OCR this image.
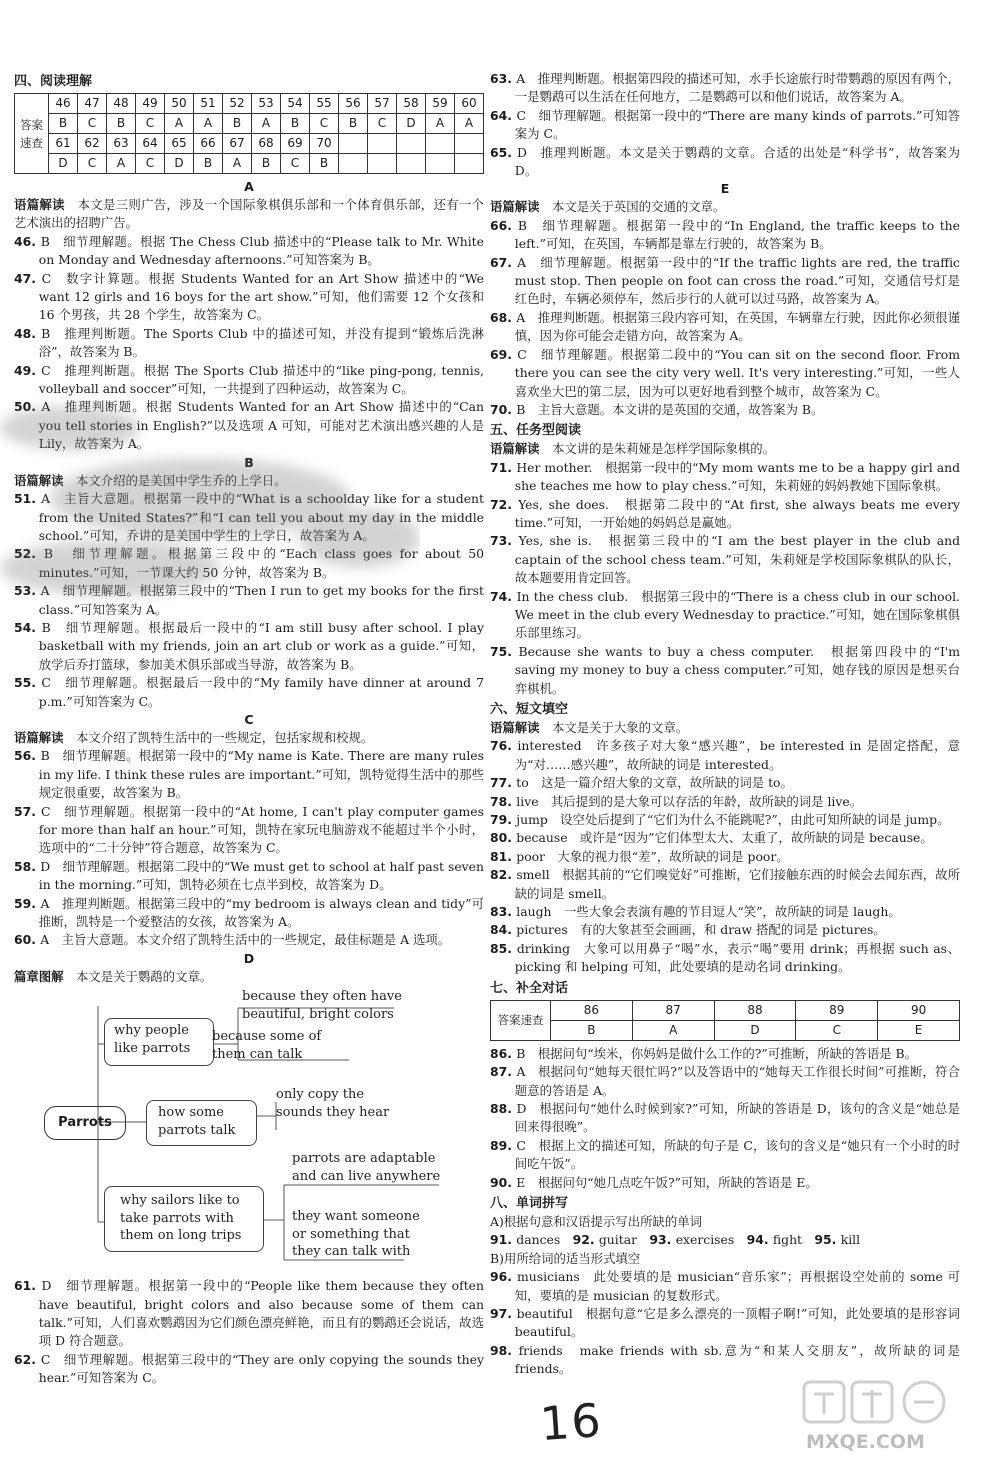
四、阅读理解
答案速查	46	47	48	49	50	51	52	53	54	55	56	57	58	59	60
	B	C	B	C	A	A	B	A	B	C	B	C	D	A	A
	61	62	63	64	65	66	67	68	69	70					
	D	C	A	C	D	B	A	B	C	B					
A
语篇解读　 本文是三则广告，涉及一个国际象棋俱乐部和一个体育俱乐部，还有一个艺术演出的招聘广告。
46. B　细节理解题。根据 The Chess Club 描述中的“Please talk to Mr. White on Monday and Wednesday afternoons.”可知答案为 B。
47. C　数字计算题。根据 Students Wanted for an Art Show 描述中的“We want 12 girls and 16 boys for the art show.”可知，他们需要 12 个女孩和 16 个男孩，共 28 个学生，故答案为 C。
48. B　推理判断题。The Sports Club 中的描述可知，并没有提到“锻炼后洗淋浴”，故答案为 B。
49. C　推理判断题。根据 The Sports Club 描述中的“like ping-pong, tennis, volleyball and soccer”可知，一共提到了四种运动，故答案为 C。
50. A　推理判断题。根据 Students Wanted for an Art Show 描述中的“Can you tell stories in English?”以及选项 A 可知，可能对艺术演出感兴趣的人是 Lily，故答案为 A。
B
语篇解读　 本文介绍的是美国中学生乔的上学日。
51. A　主旨大意题。根据第一段中的“What is a schoolday like for a student from the United States?”和“I can tell you about my day in the middle school.”可知，乔讲的是美国中学生的上学日，故答案为 A。
52. B　细节理解题。根据第三段中的“Each class goes for about 50 minutes.”可知，一节课大约 50 分钟，故答案为 B。
53. A　细节理解题。根据第三段中的“Then I run to get my books for the first class.”可知答案为 A。
54. B　细节理解题。根据最后一段中的“I am still busy after school. I play basketball with my friends, join an art club or work as a guide.”可知，放学后乔打篮球，参加美术俱乐部或当导游，故答案为 B。
55. C　细节理解题。根据最后一段中的“My family have dinner at around 7 p.m.”可知答案为 C。
C
语篇解读　 本文介绍了凯特生活中的一些规定，包括家规和校规。
56. B　细节理解题。根据第一段中的“My name is Kate. There are many rules in my life. I think these rules are important.”可知，凯特觉得生活中的那些规定很重要，故答案为 B。
57. C　细节理解题。根据第一段中的“At home, I can't play computer games for more than half an hour.”可知，凯特在家玩电脑游戏不能超过半个小时，选项中的“二十分钟”符合题意，故答案为 C。
58. D　细节理解题。根据第二段中的“We must get to school at half past seven in the morning.”可知，凯特必须在七点半到校，故答案为 D。
59. A　推理判断题。根据第三段中的“my bedroom is always clean and tidy”可推断，凯特是一个爱整洁的女孩，故答案为 A。
60. A　主旨大意题。本文介绍了凯特生活中的一些规定，最佳标题是 A 选项。
D
篇章图解　 本文是关于鹦鹉的文章。
Parrots
why people like parrots
because they often have beautiful, bright colors
because some of them can talk
how some parrots talk
only copy the sounds they hear
why sailors like to take parrots with them on long trips
parrots are adaptable and can live anywhere
they want someone or something that they can talk with
61. D　细节理解题。根据第一段中的“People like them because they often have beautiful, bright colors and also because some of them can talk.”可知，人们喜欢鹦鹉因为它们颜色漂亮鲜艳，而且有的鹦鹉还会说话，故选项 D 符合题意。
62. C　细节理解题。根据第三段中的“They are only copying the sounds they hear.”可知答案为 C。
63. A　推理判断题。根据第四段的描述可知，水手长途旅行时带鹦鹉的原因有两个，一是鹦鹉可以生活在任何地方，二是鹦鹉可以和他们说话，故答案为 A。
64. C　细节理解题。根据第一段中的“There are many kinds of parrots.”可知答案为 C。
65. D　推理判断题。本文是关于鹦鹉的文章。合适的出处是“科学书”，故答案为 D。
E
语篇解读　 本文是关于英国的交通的文章。
66. B　细节理解题。根据第一段中的“In England, the traffic keeps to the left.”可知，在英国，车辆都是靠左行驶的，故答案为 B。
67. A　细节理解题。根据第一段中的“If the traffic lights are red, the traffic must stop. Then people on foot can cross the road.”可知，交通信号灯是红色时，车辆必须停车，然后步行的人就可以过马路，故答案为 A。
68. A　推理判断题。根据第三段内容可知，在英国，车辆靠左行驶，因此你必须很谨慎，因为你可能会走错方向，故答案为 A。
69. C　细节理解题。根据第二段中的“You can sit on the second floor. From there you can see the city very well. It's very interesting.”可知，一些人喜欢坐大巴的第二层，因为可以更好地看到整个城市，故答案为 C。
70. B　主旨大意题。本文讲的是英国的交通，故答案为 B。
五、任务型阅读
语篇解读　 本文讲的是朱莉娅是怎样学国际象棋的。
71. Her mother.　根据第一段中的“My mom wants me to be a happy girl and she teaches me how to play chess.”可知，朱莉娅的妈妈教她下国际象棋。
72. Yes, she does.　根据第二段中的“At first, she always beats me every time.”可知，一开始她的妈妈总是赢她。
73. Yes, she is.　根据第三段中的“I am the best player in the club and captain of the school chess team.”可知，朱莉娅是学校国际象棋队的队长，故本题要用肯定回答。
74. In the chess club.　根据第三段中的“There is a chess club in our school. We meet in the club every Wednesday to practice.”可知，她在国际象棋俱乐部里练习。
75. Because she wants to buy a chess computer.　根据第四段中的“I'm saving my money to buy a chess computer.”可知，她存钱的原因是想买台弈棋机。
六、短文填空
语篇解读　 本文是关于大象的文章。
76. interested　许多孩子对大象“感兴趣”，be interested in 是固定搭配，意为“对……感兴趣”，故所缺的词是 interested。
77. to　这是一篇介绍大象的文章，故所缺的词是 to。
78. live　其后提到的是大象可以存活的年龄，故所缺的词是 live。
79. jump　设空处后提到了“它们为什么不能跳呢?”，由此可知所缺的词是 jump。
80. because　或许是“因为”它们体型太大、太重了，故所缺的词是 because。
81. poor　大象的视力很“差”，故所缺的词是 poor。
82. smell　根据其前的“它们嗅觉好”可推断，它们接触东西的时候会去闻东西，故所缺的词是 smell。
83. laugh　一些大象会表演有趣的节目逗人“笑”，故所缺的词是 laugh。
84. pictures　有的大象甚至会画画，和 draw 搭配的词是 pictures。
85. drinking　大象可以用鼻子“喝”水，表示“喝”要用 drink；再根据 such as、picking 和 helping 可知，此处要填的是动名词 drinking。
七、补全对话
答案速查	86	87	88	89	90
	B	A	D	C	E
86. B　根据问句“埃米，你妈妈是做什么工作的?”可推断，所缺的答语是 B。
87. A　根据问句“她每天很忙吗?”以及答语中的“她每天工作很长时间”可推断，符合题意的答语是 A。
88. D　根据问句“她什么时候到家?”可知，所缺的答语是 D，该句的含义是“她总是回来得很晚”。
89. C　根据上文的描述可知，所缺的句子是 C，该句的含义是“她只有一个小时的时间吃午饭”。
90. E　根据问句“她几点吃午饭?”可知，所缺的答语是 E。
八、单词拼写
A)根据句意和汉语提示写出所缺的单词
91. dances　92. guitar　93. exercises　94. fight　95. kill　
B)用所给词的适当形式填空
96. musicians　此处要填的是 musician“音乐家”；再根据设空处前的 some 可知，要填的是 musician 的复数形式。
97. beautiful　根据句意“它是多么漂亮的一顶帽子啊!”可知，此处要填的是形容词 beautiful。
98. friends　make friends with sb.意为“和某人交朋友”，故所缺的词是 friends。
16	MXQE.COM
